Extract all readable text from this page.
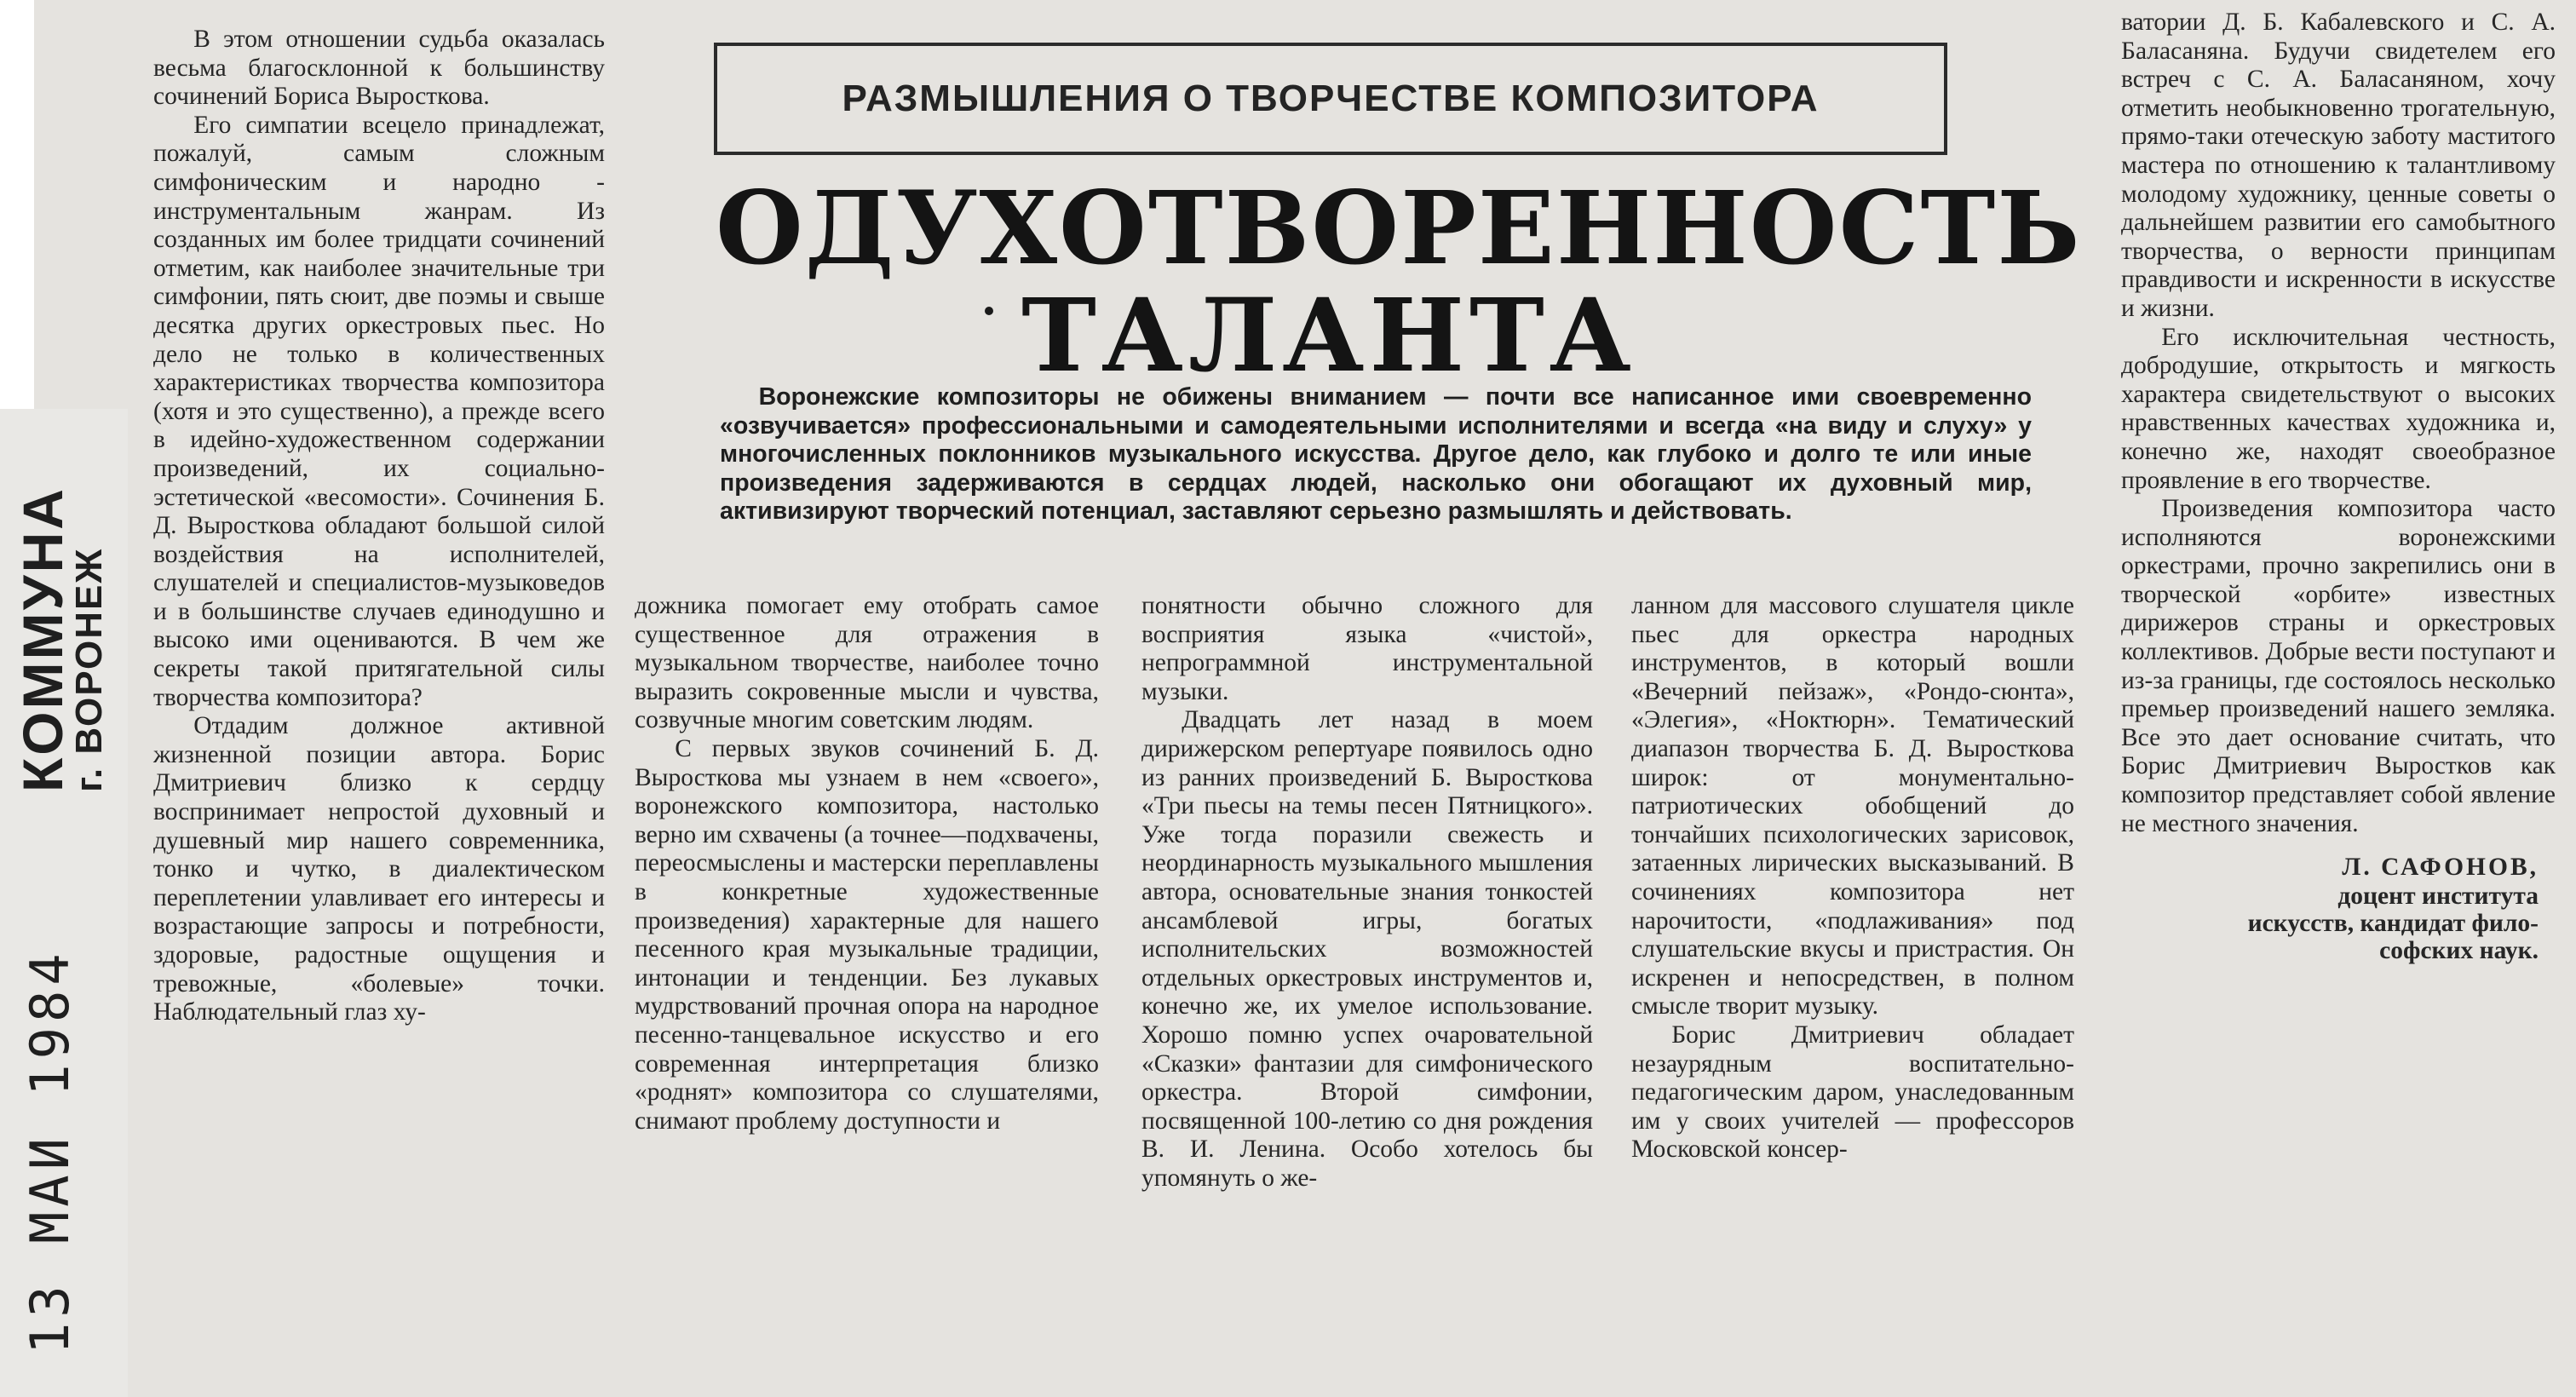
13 МАИ 1984
КОММУНА
г. ВОРОНЕЖ

В этом отношении судьба оказалась весьма благосклонной к большинству сочинений Бориса Выросткова.

Его симпатии всецело принадлежат, пожалуй, самым сложным симфоническим и народно - инструментальным жанрам. Из созданных им более тридцати сочинений отметим, как наиболее значительные три симфонии, пять сюит, две поэмы и свыше десятка других оркестровых пьес. Но дело не только в количественных характеристиках творчества композитора (хотя и это существенно), а прежде всего в идейно-художественном содержании произведений, их социально-эстетической «весомости». Сочинения Б. Д. Выросткова обладают большой силой воздействия на исполнителей, слушателей и специалистов-музыковедов и в большинстве случаев единодушно и высоко ими оцениваются. В чем же секреты такой притягательной силы творчества композитора?

Отдадим должное активной жизненной позиции автора. Борис Дмитриевич близко к сердцу воспринимает непростой духовный и душевный мир нашего современника, тонко и чутко, в диалектическом переплетении улавливает его интересы и возрастающие запросы и потребности, здоровые, радостные ощущения и тревожные, «болевые» точки. Наблюдательный глаз ху-

РАЗМЫШЛЕНИЯ О ТВОРЧЕСТВЕ КОМПОЗИТОРА
ОДУХОТВОРЕННОСТЬ
ТАЛАНТА
Воронежские композиторы не обижены вниманием — почти все написанное ими своевременно «озвучивается» профессиональными и самодеятельными исполнителями и всегда «на виду и слуху» у многочисленных поклонников музыкального искусства. Другое дело, как глубоко и долго те или иные произведения задерживаются в сердцах людей, насколько они обогащают их духовный мир, активизируют творческий потенциал, заставляют серьезно размышлять и действовать.

дожника помогает ему отобрать самое существенное для отражения в музыкальном творчестве, наиболее точно выразить сокровенные мысли и чувства, созвучные многим советским людям.

С первых звуков сочинений Б. Д. Выросткова мы узнаем в нем «своего», воронежского композитора, настолько верно им схвачены (а точнее—подхвачены, переосмыслены и мастерски переплавлены в конкретные художественные произведения) характерные для нашего песенного края музыкальные традиции, интонации и тенденции. Без лукавых мудрствований прочная опора на народное песенно-танцевальное искусство и его современная интерпретация близко «роднят» композитора со слушателями, снимают проблему доступности и

понятности обычно сложного для восприятия языка «чистой», непрограммной инструментальной музыки.

Двадцать лет назад в моем дирижерском репертуаре появилось одно из ранних произведений Б. Выросткова «Три пьесы на темы песен Пятницкого». Уже тогда поразили свежесть и неординарность музыкального мышления автора, основательные знания тонкостей ансамблевой игры, богатых исполнительских возможностей отдельных оркестровых инструментов и, конечно же, их умелое использование. Хорошо помню успех очаровательной «Сказки» фантазии для симфонического оркестра. Второй симфонии, посвященной 100-летию со дня рождения В. И. Ленина. Особо хотелось бы упомянуть о же-

ланном для массового слушателя цикле пьес для оркестра народных инструментов, в который вошли «Вечерний пейзаж», «Рондо-сюнта», «Элегия», «Ноктюрн». Тематический диапазон творчества Б. Д. Выросткова широк: от монументально-патриотических обобщений до тончайших психологических зарисовок, затаенных лирических высказываний. В сочинениях композитора нет нарочитости, «подлаживания» под слушательские вкусы и пристрастия. Он искренен и непосредствен, в полном смысле творит музыку.

Борис Дмитриевич обладает незаурядным воспитательно-педагогическим даром, унаследованным им у своих учителей — профессоров Московской консер-

ватории Д. Б. Кабалевского и С. А. Баласаняна. Будучи свидетелем его встреч с С. А. Баласаняном, хочу отметить необыкновенно трогательную, прямо-таки отеческую заботу маститого мастера по отношению к талантливому молодому художнику, ценные советы о дальнейшем развитии его самобытного творчества, о верности принципам правдивости и искренности в искусстве и жизни.

Его исключительная честность, добродушие, открытость и мягкость характера свидетельствуют о высоких нравственных качествах художника и, конечно же, находят своеобразное проявление в его творчестве.

Произведения композитора часто исполняются воронежскими оркестрами, прочно закрепились они в творческой «орбите» известных дирижеров страны и оркестровых коллективов. Добрые вести поступают и из-за границы, где состоялось несколько премьер произведений нашего земляка. Все это дает основание считать, что Борис Дмитриевич Выростков как композитор представляет собой явление не местного значения.

Л. САФОНОВ,
доцент института
искусств, кандидат фило-
софских наук.
